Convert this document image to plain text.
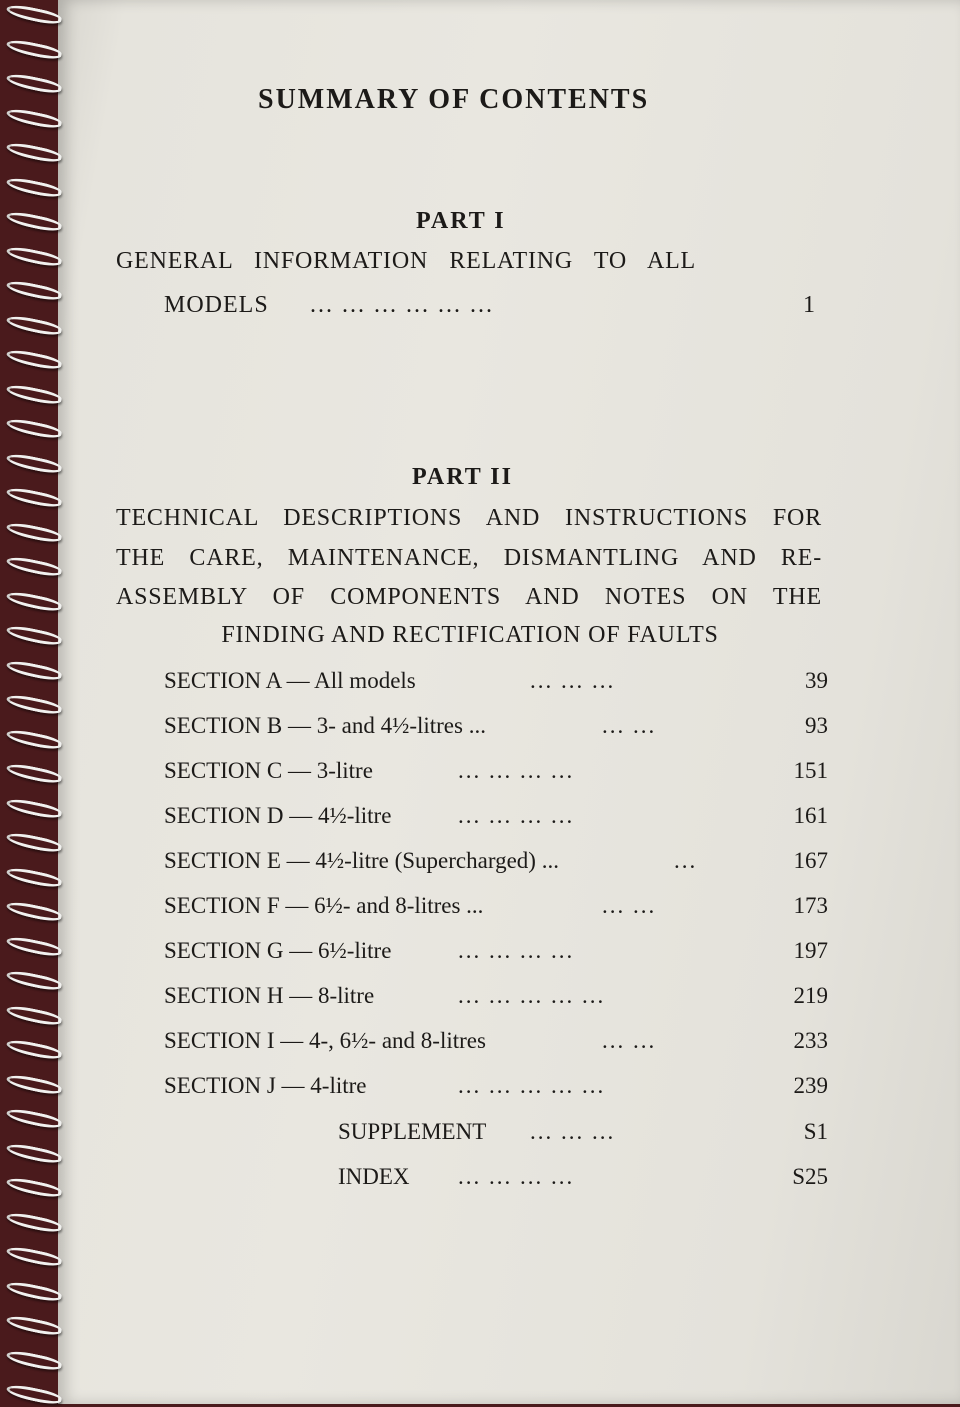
SUMMARY OF CONTENTS
PART I
GENERAL INFORMATION RELATING TO ALL
MODELS ... ... ... ... ... ...	1
PART II
TECHNICAL DESCRIPTIONS AND INSTRUCTIONS FOR
THE CARE, MAINTENANCE, DISMANTLING AND RE-
ASSEMBLY OF COMPONENTS AND NOTES ON THE
FINDING AND RECTIFICATION OF FAULTS
SECTION A — All models	... ... ...	39
SECTION B — 3- and 4½-litres ...	... ...	93
SECTION C — 3-litre	... ... ... ...	151
SECTION D — 4½-litre	... ... ... ...	161
SECTION E — 4½-litre (Supercharged) ...	...	167
SECTION F — 6½- and 8-litres ...	... ...	173
SECTION G — 6½-litre	... ... ... ...	197
SECTION H — 8-litre	... ... ... ... ...	219
SECTION I — 4-, 6½- and 8-litres	... ...	233
SECTION J — 4-litre	... ... ... ... ...	239
SUPPLEMENT ... ... ...	S1
INDEX ... ... ... ...	S25
